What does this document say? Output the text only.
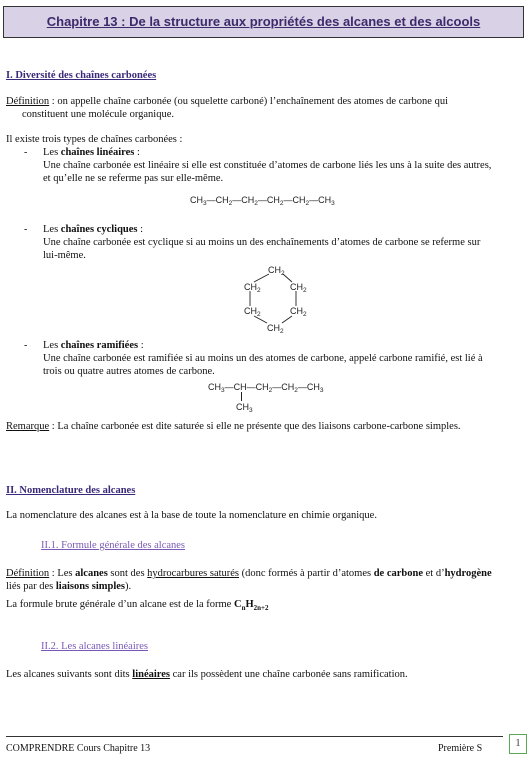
Chapitre 13 : De la structure aux propriétés des alcanes et des alcools
I. Diversité des chaînes carbonées
Définition : on appelle chaîne carbonée (ou squelette carboné) l’enchaînement des atomes de carbone qui
constituent une molécule organique.
Il existe trois types de chaînes carbonées :
- Les chaînes linéaires :
Une chaîne carbonée est linéaire si elle est constituée d’atomes de carbone liés les uns à la suite des autres,
et qu’elle ne se referme pas sur elle-même.
$CH_3—CH_2—CH_2—CH_2—CH_2—CH_3$
- Les chaînes cycliques :
Une chaîne carbonée est cyclique si au moins un des enchaînements d’atomes de carbone se referme sur
lui-même.
$CH_2$
$CH_2$	$CH_2$
$CH_2$	$CH_2$
$CH_2$
- Les chaînes ramifiées :
Une chaîne carbonée est ramifiée si au moins un des atomes de carbone, appelé carbone ramifié, est lié à
trois ou quatre autres atomes de carbone.
$CH_3—CH—CH_2—CH_2—CH_3$
$CH_3$
Remarque : La chaîne carbonée est dite saturée si elle ne présente que des liaisons carbone-carbone simples.
II. Nomenclature des alcanes
La nomenclature des alcanes est à la base de toute la nomenclature en chimie organique.
II.1. Formule générale des alcanes
Définition : Les alcanes sont des hydrocarbures saturés (donc formés à partir d’atomes de carbone et d’hydrogène
liés par des liaisons simples).
La formule brute générale d’un alcane est de la forme $C_nH_{2n+2}$
II.2. Les alcanes linéaires
Les alcanes suivants sont dits linéaires car ils possèdent une chaîne carbonée sans ramification.
COMPRENDRE Cours Chapitre 13	Première S	1
